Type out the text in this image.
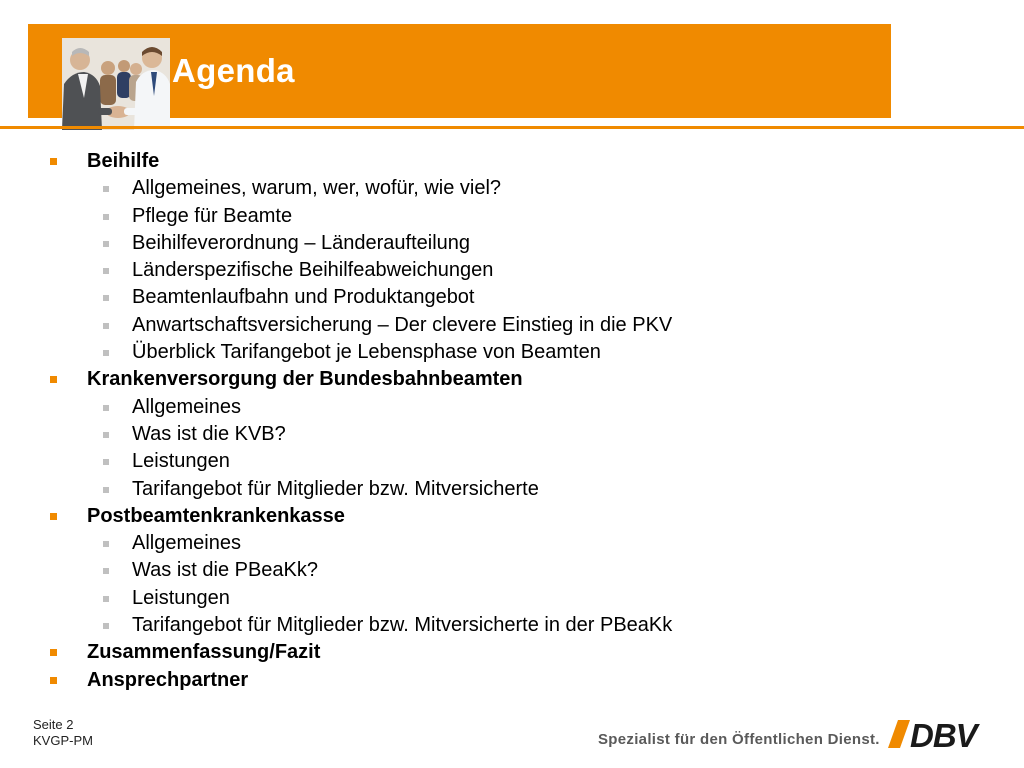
Agenda
Beihilfe
Allgemeines, warum, wer, wofür, wie viel?
Pflege für Beamte
Beihilfeverordnung – Länderaufteilung
Länderspezifische Beihilfeabweichungen
Beamtenlaufbahn und Produktangebot
Anwartschaftsversicherung – Der clevere Einstieg in die PKV
Überblick Tarifangebot je Lebensphase von Beamten
Krankenversorgung der Bundesbahnbeamten
Allgemeines
Was ist die KVB?
Leistungen
Tarifangebot für Mitglieder bzw. Mitversicherte
Postbeamtenkrankenkasse
Allgemeines
Was ist die PBeaKk?
Leistungen
Tarifangebot für Mitglieder bzw. Mitversicherte in der PBeaKk
Zusammenfassung/Fazit
Ansprechpartner
Seite 2
KVGP-PM	Spezialist für den Öffentlichen Dienst. DBV
